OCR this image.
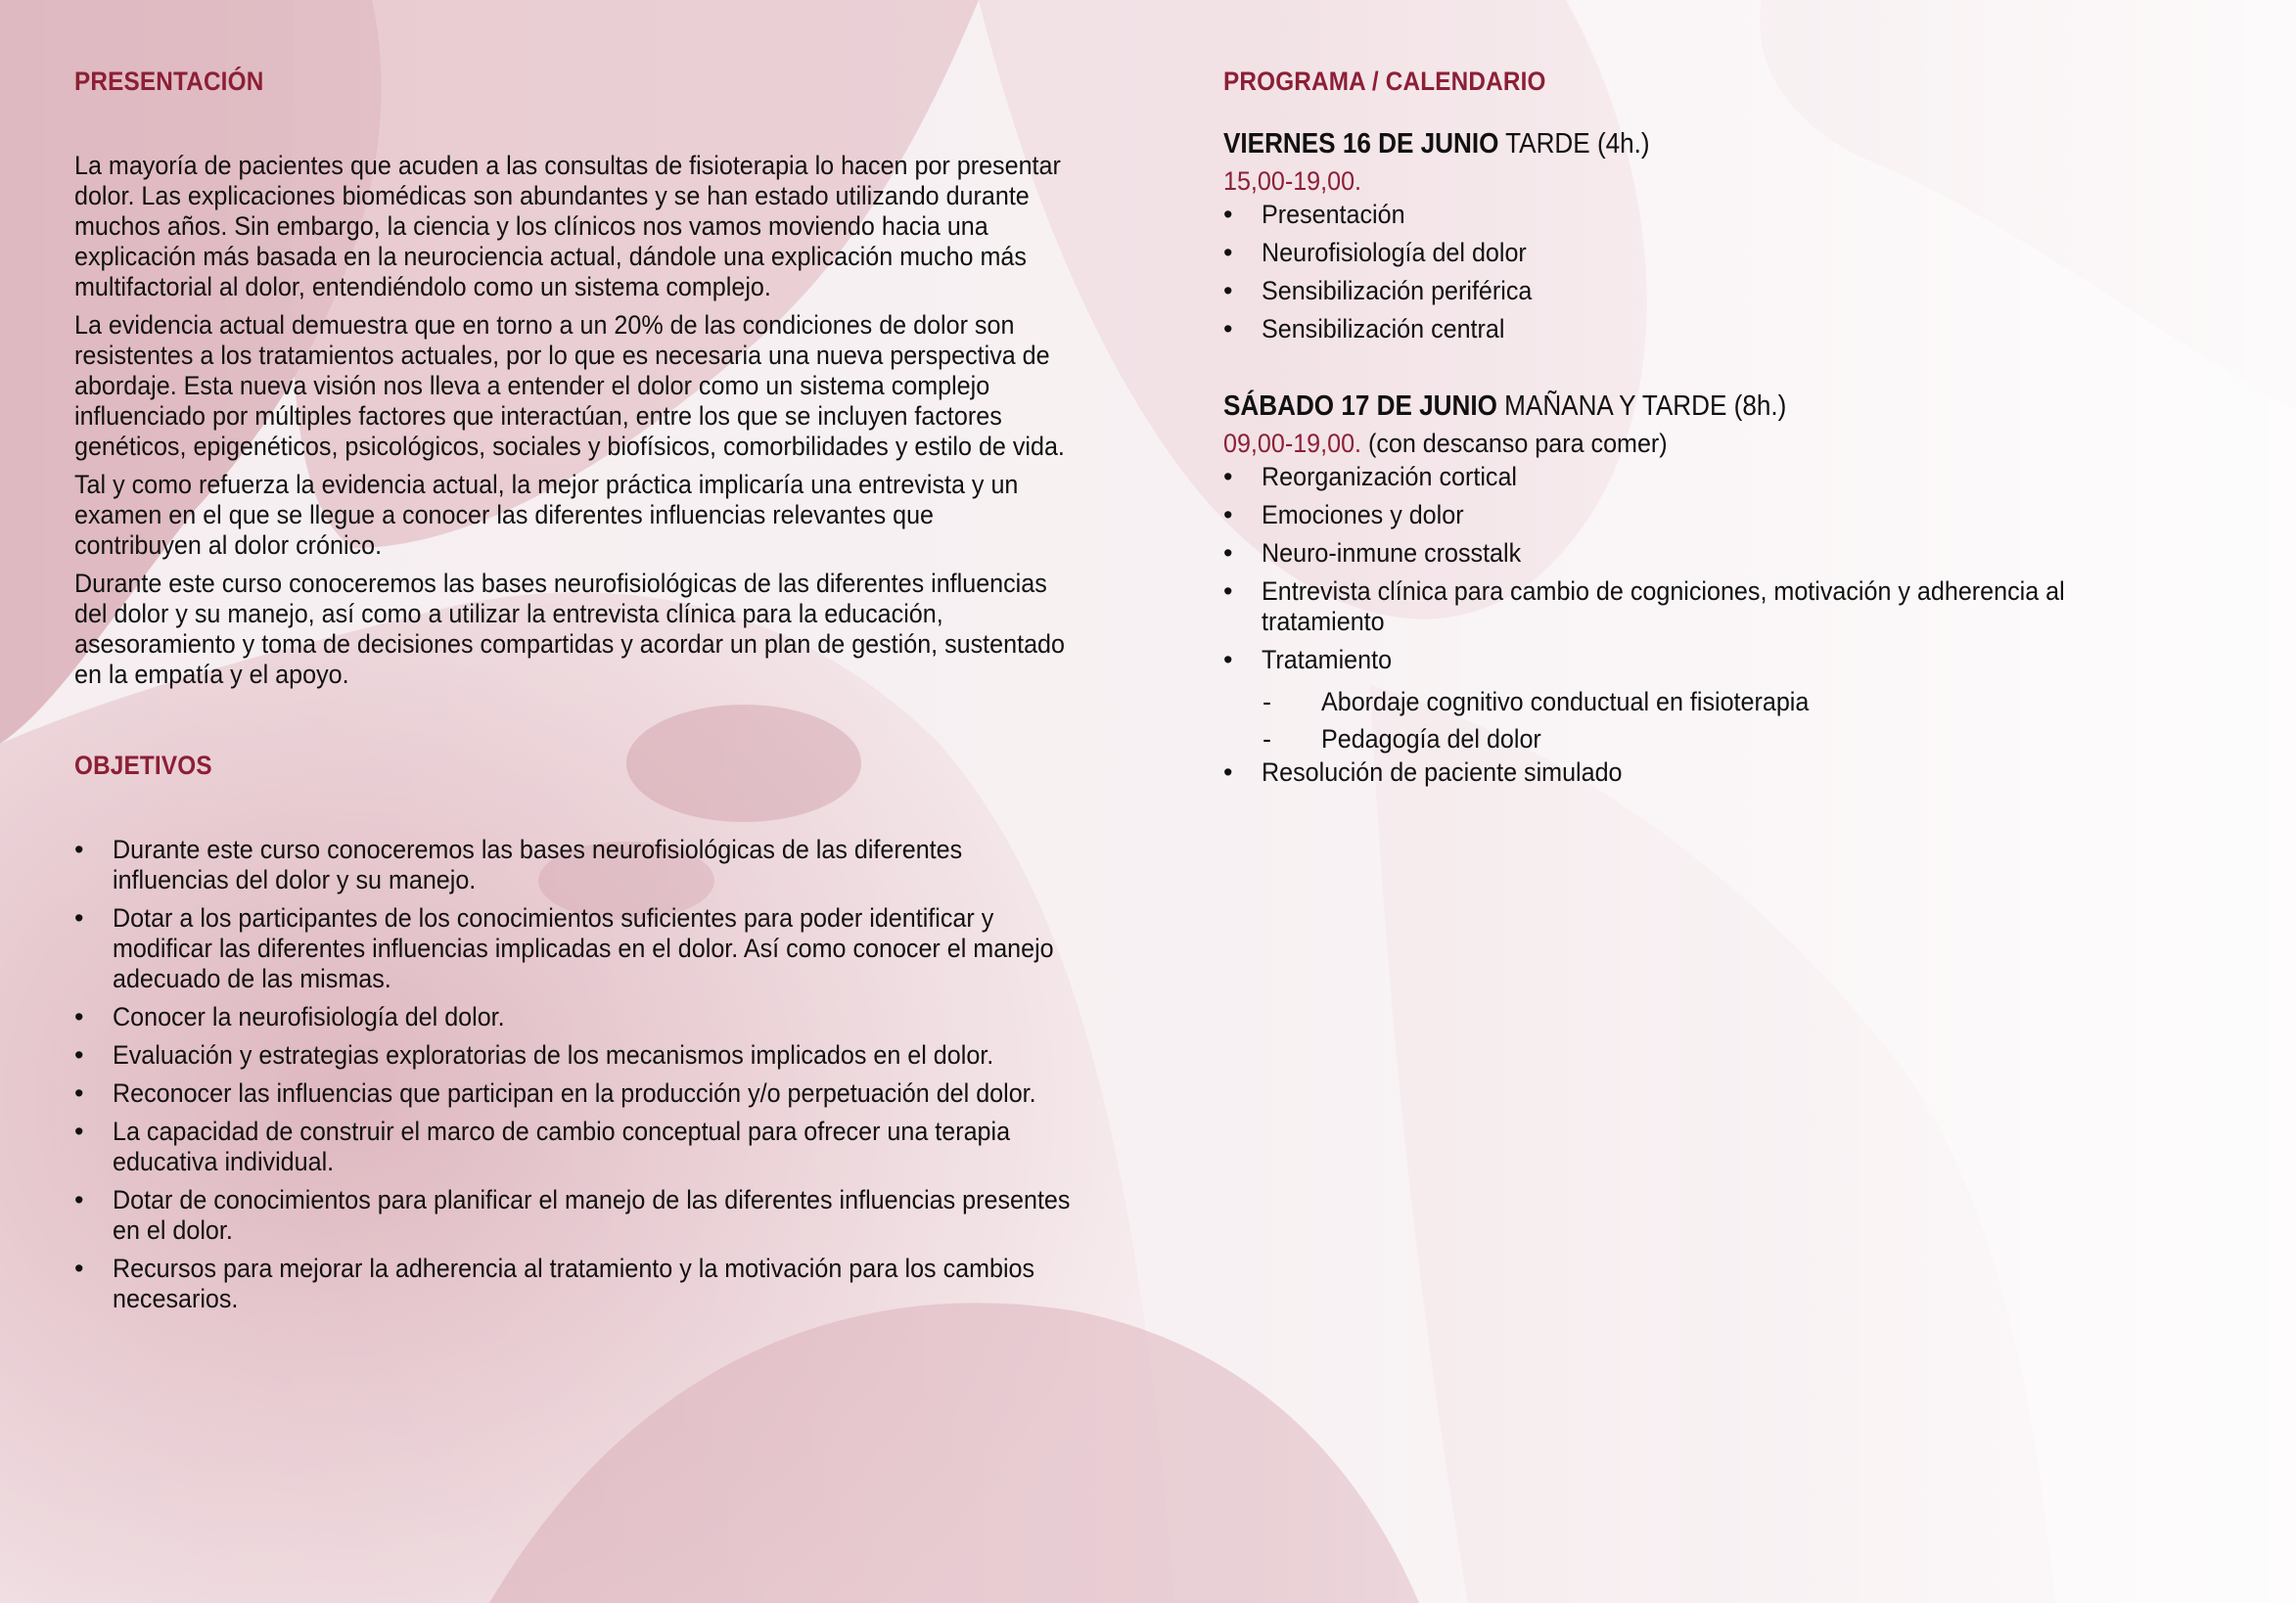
PRESENTACIÓN

La mayoría de pacientes que acuden a las consultas de fisioterapia lo hacen por presentar dolor. Las explicaciones biomédicas son abundantes y se han estado utilizando durante muchos años. Sin embargo, la ciencia y los clínicos nos vamos moviendo hacia una explicación más basada en la neurociencia actual, dándole una explicación mucho más multifactorial al dolor, entendiéndolo como un sistema complejo.

La evidencia actual demuestra que en torno a un 20% de las condiciones de dolor son resistentes a los tratamientos actuales, por lo que es necesaria una nueva perspectiva de abordaje. Esta nueva visión nos lleva a entender el dolor como un sistema complejo influenciado por múltiples factores que interactúan, entre los que se incluyen factores genéticos, epigenéticos, psicológicos, sociales y biofísicos, comorbilidades y estilo de vida.

Tal y como refuerza la evidencia actual, la mejor práctica implicaría una entrevista y un examen en el que se llegue a conocer las diferentes influencias relevantes que contribuyen al dolor crónico.

Durante este curso conoceremos las bases neurofisiológicas de las diferentes influencias del dolor y su manejo, así como a utilizar la entrevista clínica para la educación, asesoramiento y toma de decisiones compartidas y acordar un plan de gestión, sustentado en la empatía y el apoyo.

OBJETIVOS
• Durante este curso conoceremos las bases neurofisiológicas de las diferentes influencias del dolor y su manejo.
• Dotar a los participantes de los conocimientos suficientes para poder identificar y modificar las diferentes influencias implicadas en el dolor. Así como conocer el manejo adecuado de las mismas.
• Conocer la neurofisiología del dolor.
• Evaluación y estrategias exploratorias de los mecanismos implicados en el dolor.
• Reconocer las influencias que participan en la producción y/o perpetuación del dolor.
• La capacidad de construir el marco de cambio conceptual para ofrecer una terapia educativa individual.
• Dotar de conocimientos para planificar el manejo de las diferentes influencias presentes en el dolor.
• Recursos para mejorar la adherencia al tratamiento y la motivación para los cambios necesarios.
PROGRAMA / CALENDARIO
VIERNES 16 DE JUNIO TARDE (4h.)
15,00-19,00.
• Presentación
• Neurofisiología del dolor
• Sensibilización periférica
• Sensibilización central
SÁBADO 17 DE JUNIO MAÑANA Y TARDE (8h.)
09,00-19,00. (con descanso para comer)
• Reorganización cortical
• Emociones y dolor
• Neuro-inmune crosstalk
• Entrevista clínica para cambio de cogniciones, motivación y adherencia al tratamiento
• Tratamiento
- Abordaje cognitivo conductual en fisioterapia
- Pedagogía del dolor
• Resolución de paciente simulado
